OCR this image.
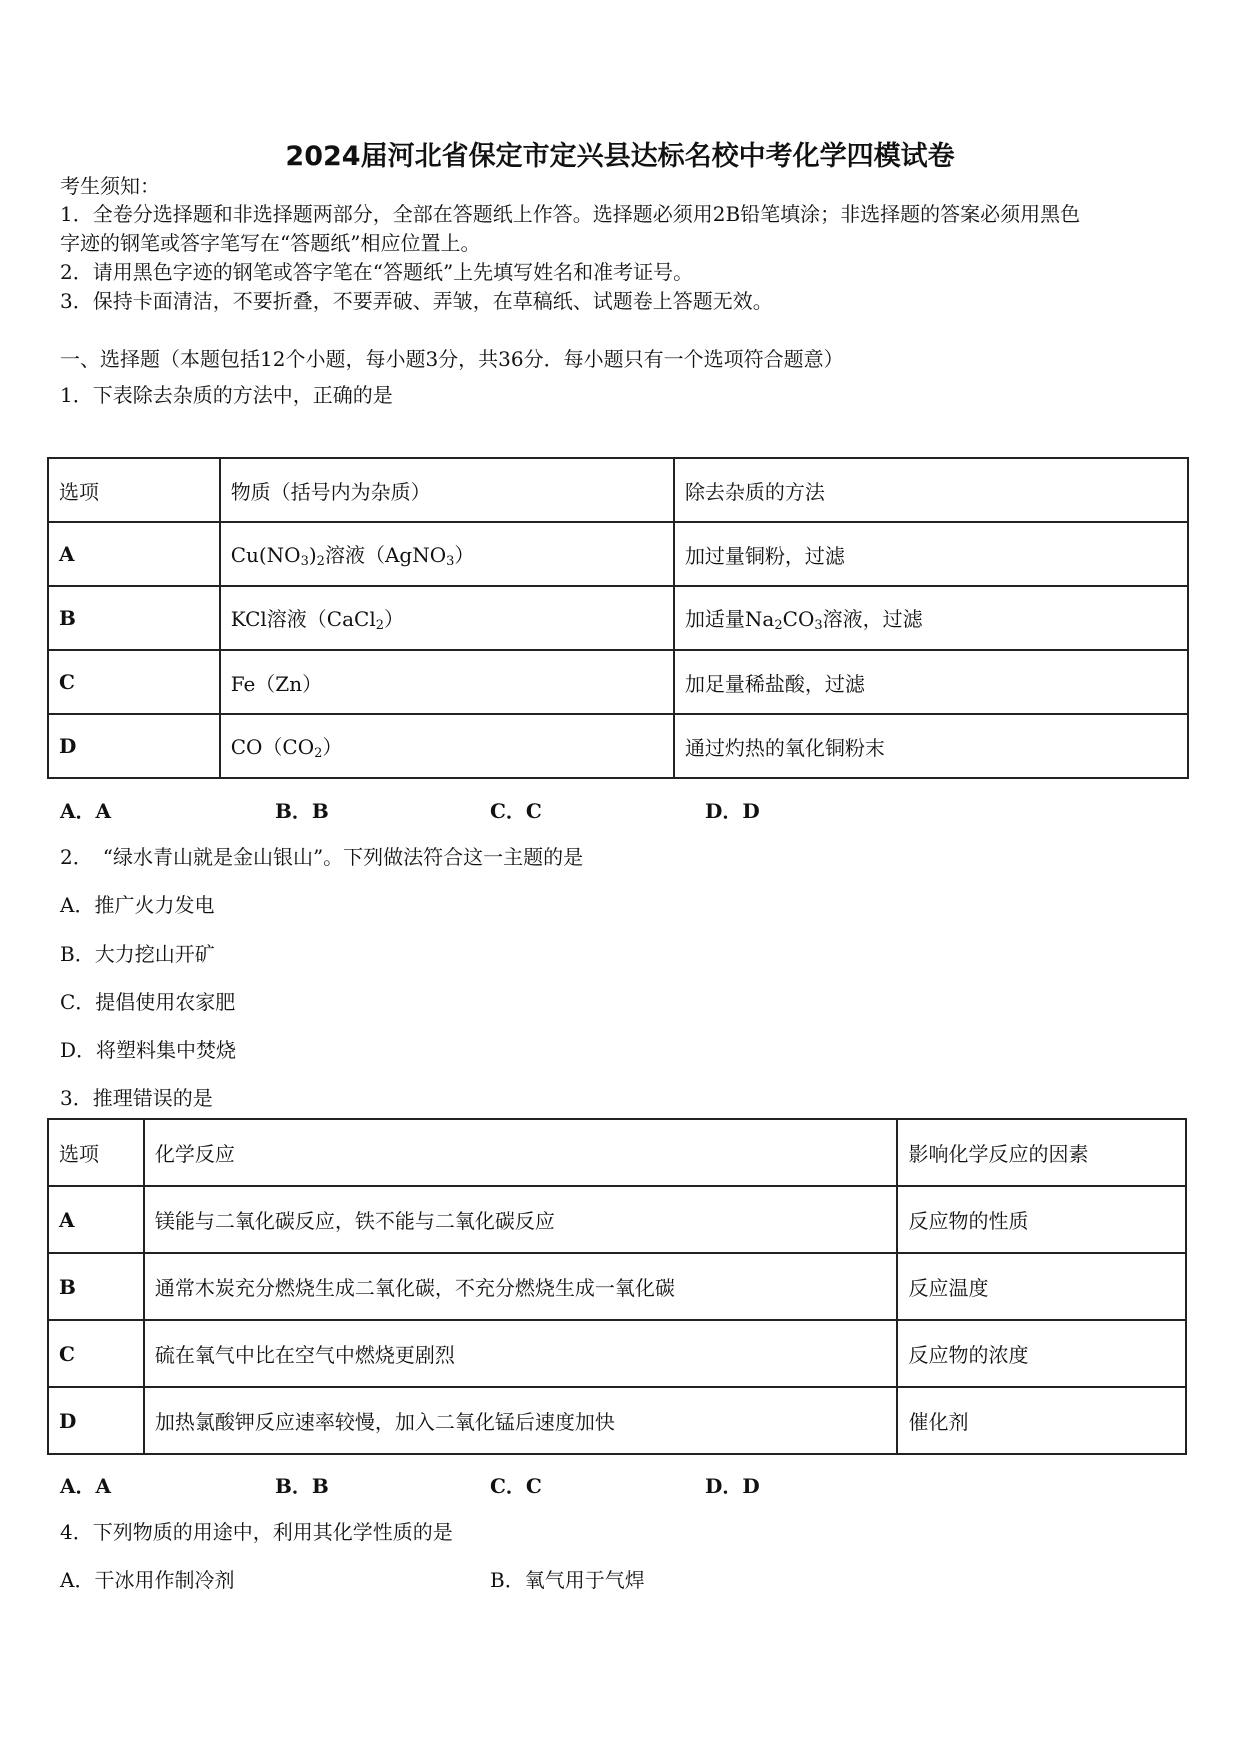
2024届河北省保定市定兴县达标名校中考化学四模试卷
考生须知：
1．全卷分选择题和非选择题两部分，全部在答题纸上作答。选择题必须用2B铅笔填涂；非选择题的答案必须用黑色
字迹的钢笔或答字笔写在“答题纸”相应位置上。
2．请用黑色字迹的钢笔或答字笔在“答题纸”上先填写姓名和准考证号。
3．保持卡面清洁，不要折叠，不要弄破、弄皱，在草稿纸、试题卷上答题无效。
一、选择题（本题包括12个小题，每小题3分，共36分．每小题只有一个选项符合题意）
1．下表除去杂质的方法中，正确的是
选项	物质（括号内为杂质）	除去杂质的方法
A	$Cu(NO_3)_2$溶液（AgNO$_3$）	加过量铜粉，过滤
B	KCl溶液（CaCl$_2$）	加适量$Na_2CO_3$溶液，过滤
C	Fe（Zn）	加足量稀盐酸，过滤
D	$CO(CO_2)$	通过灼热的氧化铜粉末
A．A	B．B	C．C	D．D
2．　“绿水青山就是金山银山”。下列做法符合这一主题的是
A．推广火力发电
B．大力挖山开矿
C．提倡使用农家肥
D．将塑料集中焚烧
3．推理错误的是
选项	化学反应	影响化学反应的因素
A	镁能与二氧化碳反应，铁不能与二氧化碳反应	反应物的性质
B	通常木炭充分燃烧生成二氧化碳，不充分燃烧生成一氧化碳	反应温度
C	硫在氧气中比在空气中燃烧更剧烈	反应物的浓度
D	加热氯酸钾反应速率较慢，加入二氧化锰后速度加快	催化剂
A．A	B．B	C．C	D．D
4．下列物质的用途中，利用其化学性质的是
A．干冰用作制冷剂	B．氧气用于气焊
